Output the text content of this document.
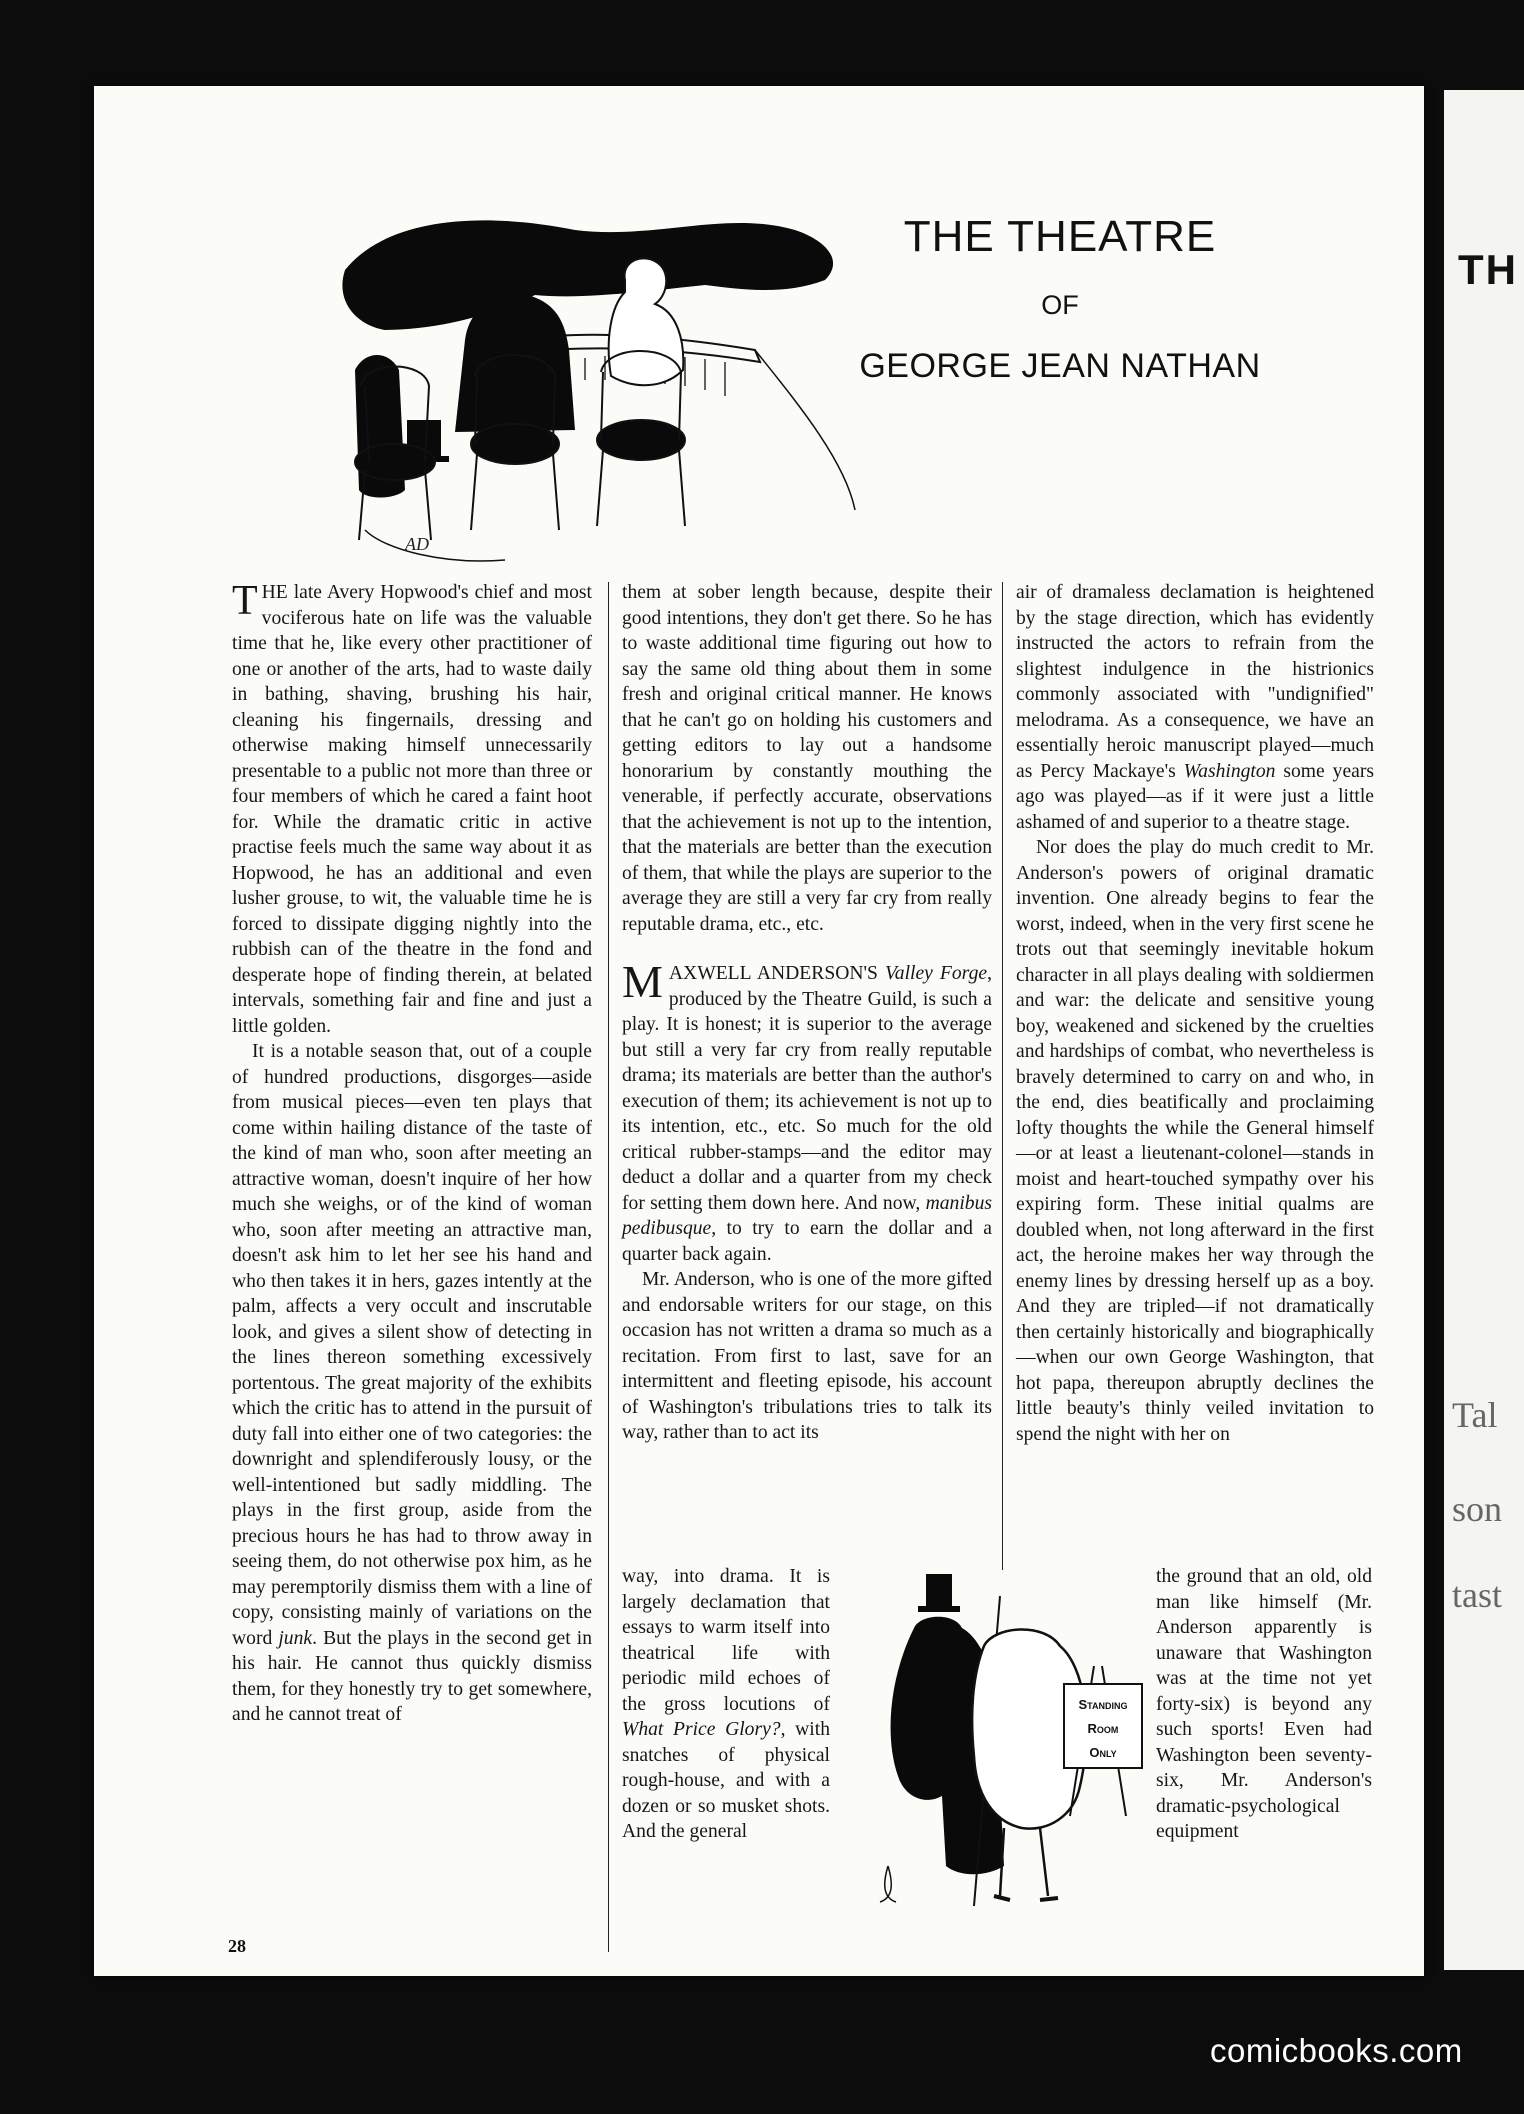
TH
Tal
son
tast
AD
THE THEATRE
OF
GEORGE JEAN NATHAN

THE late Avery Hopwood's chief and most vociferous hate on life was the valuable time that he, like every other practitioner of one or another of the arts, had to waste daily in bathing, shaving, brushing his hair, cleaning his fingernails, dressing and otherwise making himself unnecessarily presentable to a public not more than three or four members of which he cared a faint hoot for. While the dramatic critic in active practise feels much the same way about it as Hopwood, he has an additional and even lusher grouse, to wit, the valuable time he is forced to dissipate digging nightly into the rubbish can of the theatre in the fond and desperate hope of finding therein, at belated intervals, something fair and fine and just a little golden.

It is a notable season that, out of a couple of hundred productions, disgorges—aside from musical pieces—even ten plays that come within hailing distance of the taste of the kind of man who, soon after meeting an attractive woman, doesn't inquire of her how much she weighs, or of the kind of woman who, soon after meeting an attractive man, doesn't ask him to let her see his hand and who then takes it in hers, gazes intently at the palm, affects a very occult and inscrutable look, and gives a silent show of detecting in the lines thereon something excessively portentous. The great majority of the exhibits which the critic has to attend in the pursuit of duty fall into either one of two categories: the downright and splendiferously lousy, or the well-intentioned but sadly middling. The plays in the first group, aside from the precious hours he has had to throw away in seeing them, do not otherwise pox him, as he may peremptorily dismiss them with a line of copy, consisting mainly of variations on the word junk. But the plays in the second get in his hair. He cannot thus quickly dismiss them, for they honestly try to get somewhere, and he cannot treat of

them at sober length because, despite their good intentions, they don't get there. So he has to waste additional time figuring out how to say the same old thing about them in some fresh and original critical manner. He knows that he can't go on holding his customers and getting editors to lay out a handsome honorarium by constantly mouthing the venerable, if perfectly accurate, observations that the achievement is not up to the intention, that the materials are better than the execution of them, that while the plays are superior to the average they are still a very far cry from really reputable drama, etc., etc.

MAXWELL ANDERSON'S Valley Forge, produced by the Theatre Guild, is such a play. It is honest; it is superior to the average but still a very far cry from really reputable drama; its materials are better than the author's execution of them; its achievement is not up to its intention, etc., etc. So much for the old critical rubber-stamps—and the editor may deduct a dollar and a quarter from my check for setting them down here. And now, manibus pedibusque, to try to earn the dollar and a quarter back again.

Mr. Anderson, who is one of the more gifted and endorsable writers for our stage, on this occasion has not written a drama so much as a recitation. From first to last, save for an intermittent and fleeting episode, his account of Washington's tribulations tries to talk its way, rather than to act its

way, into drama. It is largely declamation that essays to warm itself into theatrical life with periodic mild echoes of the gross locutions of What Price Glory?, with snatches of physical rough-house, and with a dozen or so musket shots. And the general

air of dramaless declamation is heightened by the stage direction, which has evidently instructed the actors to refrain from the slightest indulgence in the histrionics commonly associated with "undignified" melodrama. As a consequence, we have an essentially heroic manuscript played—much as Percy Mackaye's Washington some years ago was played—as if it were just a little ashamed of and superior to a theatre stage.

Nor does the play do much credit to Mr. Anderson's powers of original dramatic invention. One already begins to fear the worst, indeed, when in the very first scene he trots out that seemingly inevitable hokum character in all plays dealing with soldiermen and war: the delicate and sensitive young boy, weakened and sickened by the cruelties and hardships of combat, who nevertheless is bravely determined to carry on and who, in the end, dies beatifically and proclaiming lofty thoughts the while the General himself—or at least a lieutenant-colonel—stands in moist and heart-touched sympathy over his expiring form. These initial qualms are doubled when, not long afterward in the first act, the heroine makes her way through the enemy lines by dressing herself up as a boy. And they are tripled—if not dramatically then certainly historically and biographically—when our own George Washington, that hot papa, thereupon abruptly declines the little beauty's thinly veiled invitation to spend the night with her on

the ground that an old, old man like himself (Mr. Anderson apparently is unaware that Washington was at the time not yet forty-six) is beyond any such sports! Even had Washington been seventy-six, Mr. Anderson's dramatic-psychological equipment

Standing
Room
Only
28
comicbooks.com
